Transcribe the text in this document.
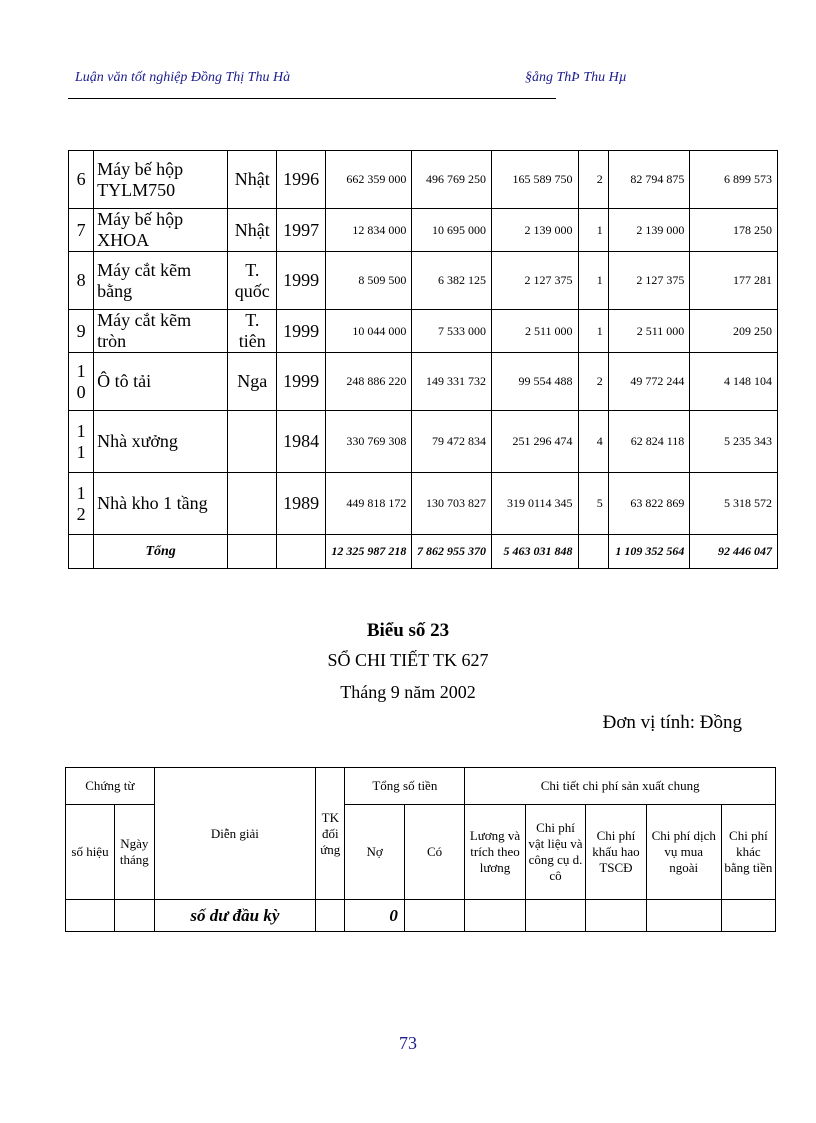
Luận văn tốt nghiệp Đồng Thị Thu Hà	§ång ThÞ Thu Hµ
6	Máy bế hộp TYLM750	Nhật	1996	662 359 000	496 769 250	165 589 750	2	82 794 875	6 899 573
7	Máy bế hộp XHOA	Nhật	1997	12 834 000	10 695 000	2 139 000	1	2 139 000	178 250
8	Máy cắt kẽm bằng	T. quốc	1999	8 509 500	6 382 125	2 127 375	1	2 127 375	177 281
9	Máy cắt kẽm tròn	T. tiên	1999	10 044 000	7 533 000	2 511 000	1	2 511 000	209 250
1 0	Ô tô tải	Nga	1999	248 886 220	149 331 732	99 554 488	2	49 772 244	4 148 104
1 1	Nhà xưởng		1984	330 769 308	79 472 834	251 296 474	4	62 824 118	5 235 343
1 2	Nhà kho 1 tầng		1989	449 818 172	130 703 827	319 0114 345	5	63 822 869	5 318 572
	Tổng			12 325 987 218	7 862 955 370	5 463 031 848		1 109 352 564	92 446 047
Biểu số 23
SỔ CHI TIẾT TK 627
Tháng 9 năm 2002
Đơn vị tính: Đồng
Chứng từ		Diễn giải	TK đối ứng	Tổng số tiền		Chi tiết chi phí sản xuất chung				
số hiệu	Ngày tháng			Nợ	Có	Lương và trích theo lương	Chi phí vật liệu và công cụ d. cô	Chi phí khấu hao TSCĐ	Chi phí dịch vụ mua ngoài	Chi phí khác bằng tiền
		số dư đầu kỳ		0						
73
